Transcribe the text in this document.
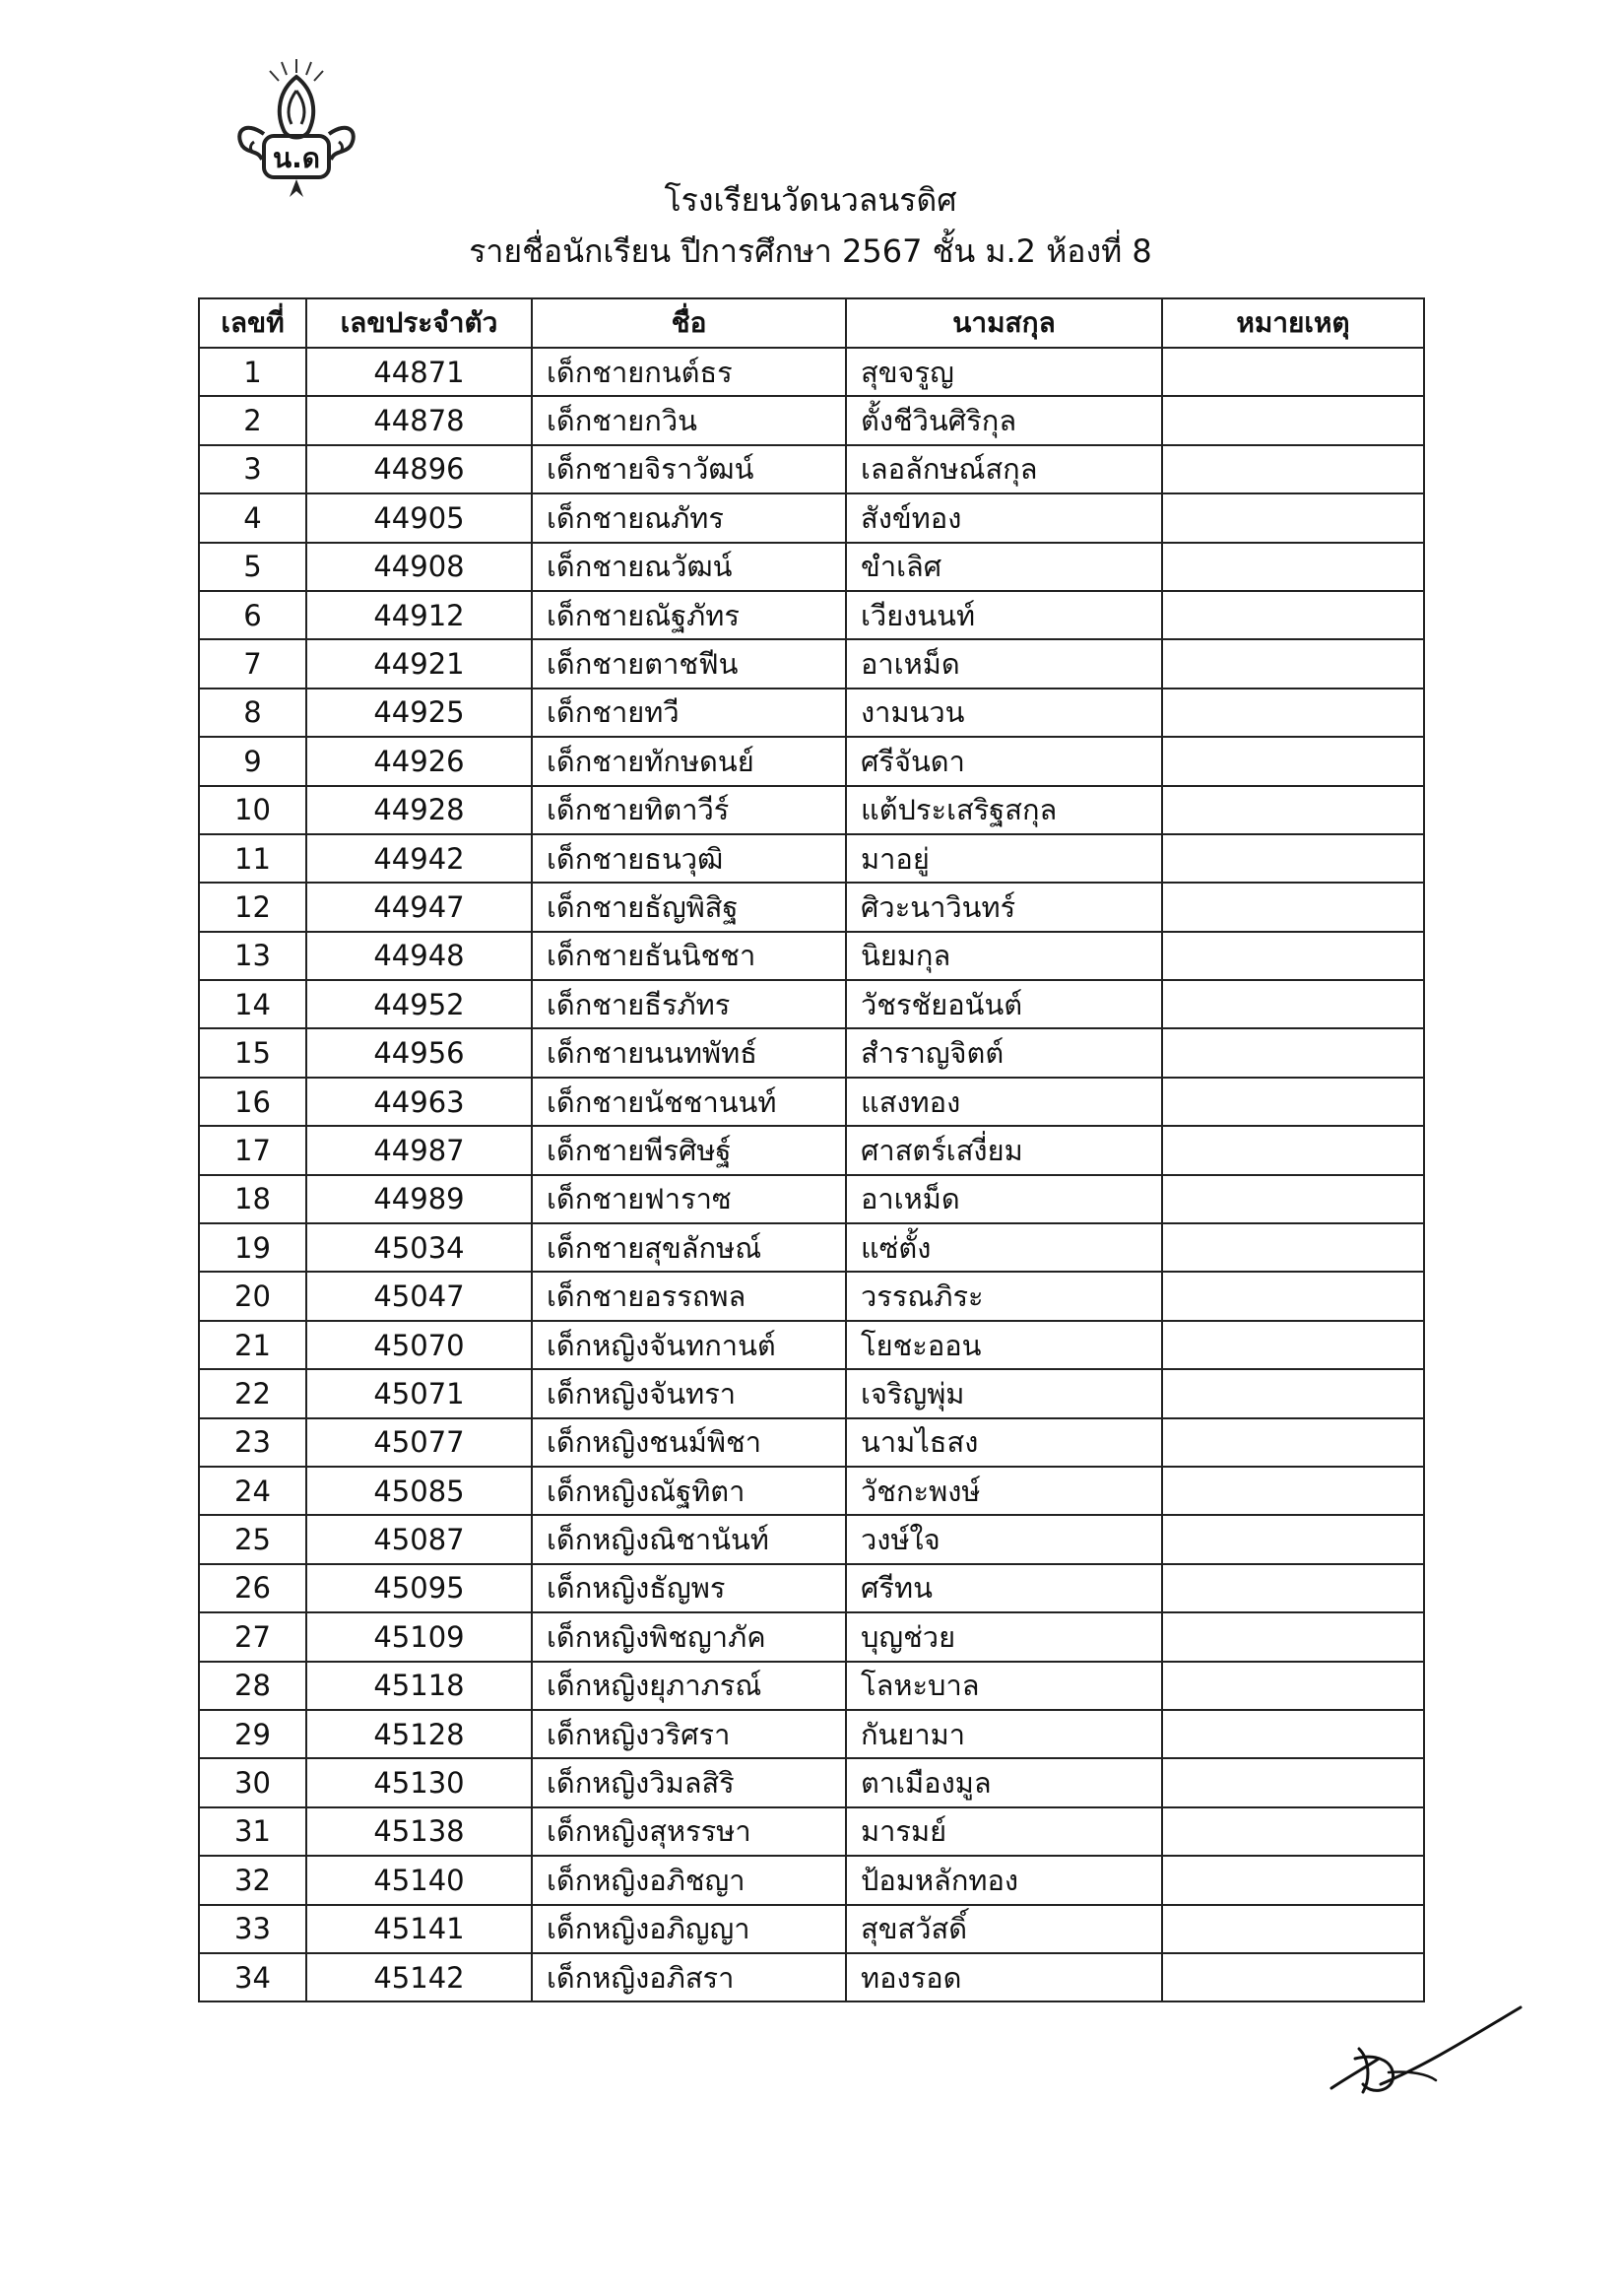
น.ด
โรงเรียนวัดนวลนรดิศ
รายชื่อนักเรียน ปีการศึกษา 2567 ชั้น ม.2 ห้องที่ 8
เลขที่	เลขประจำตัว	ชื่อ	นามสกุล	หมายเหตุ
1	44871	เด็กชายกนต์ธร	สุขจรูญ	
2	44878	เด็กชายกวิน	ตั้งชีวินศิริกุล	
3	44896	เด็กชายจิราวัฒน์	เลอลักษณ์สกุล	
4	44905	เด็กชายณภัทร	สังข์ทอง	
5	44908	เด็กชายณวัฒน์	ขำเลิศ	
6	44912	เด็กชายณัฐภัทร	เวียงนนท์	
7	44921	เด็กชายตาชฟีน	อาเหม็ด	
8	44925	เด็กชายทวี	งามนวน	
9	44926	เด็กชายทักษดนย์	ศรีจันดา	
10	44928	เด็กชายทิตาวีร์	แต้ประเสริฐสกุล	
11	44942	เด็กชายธนวุฒิ	มาอยู่	
12	44947	เด็กชายธัญพิสิฐ	ศิวะนาวินทร์	
13	44948	เด็กชายธันนิชชา	นิยมกุล	
14	44952	เด็กชายธีรภัทร	วัชรชัยอนันต์	
15	44956	เด็กชายนนทพัทธ์	สำราญจิตต์	
16	44963	เด็กชายนัชชานนท์	แสงทอง	
17	44987	เด็กชายพีรศิษฐ์	ศาสตร์เสงี่ยม	
18	44989	เด็กชายฟาราซ	อาเหม็ด	
19	45034	เด็กชายสุขลักษณ์	แซ่ตั้ง	
20	45047	เด็กชายอรรถพล	วรรณภิระ	
21	45070	เด็กหญิงจันทกานต์	โยชะออน	
22	45071	เด็กหญิงจันทรา	เจริญพุ่ม	
23	45077	เด็กหญิงชนม์พิชา	นามไธสง	
24	45085	เด็กหญิงณัฐทิตา	วัชกะพงษ์	
25	45087	เด็กหญิงณิชานันท์	วงษ์ใจ	
26	45095	เด็กหญิงธัญพร	ศรีทน	
27	45109	เด็กหญิงพิชญาภัค	บุญช่วย	
28	45118	เด็กหญิงยุภาภรณ์	โลหะบาล	
29	45128	เด็กหญิงวริศรา	กันยามา	
30	45130	เด็กหญิงวิมลสิริ	ตาเมืองมูล	
31	45138	เด็กหญิงสุหรรษา	มารมย์	
32	45140	เด็กหญิงอภิชญา	ป้อมหลักทอง	
33	45141	เด็กหญิงอภิญญา	สุขสวัสดิ์	
34	45142	เด็กหญิงอภิสรา	ทองรอด	
